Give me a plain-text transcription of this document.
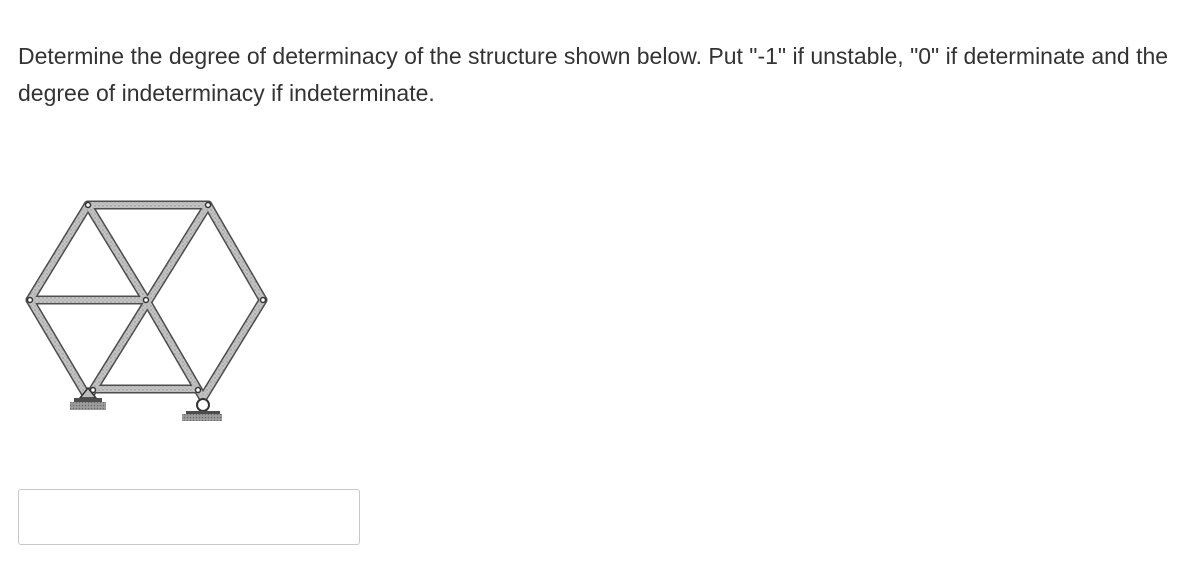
Determine the degree of determinacy of the structure shown below. Put "-1" if unstable, "0" if determinate and the degree of indeterminacy if indeterminate.
